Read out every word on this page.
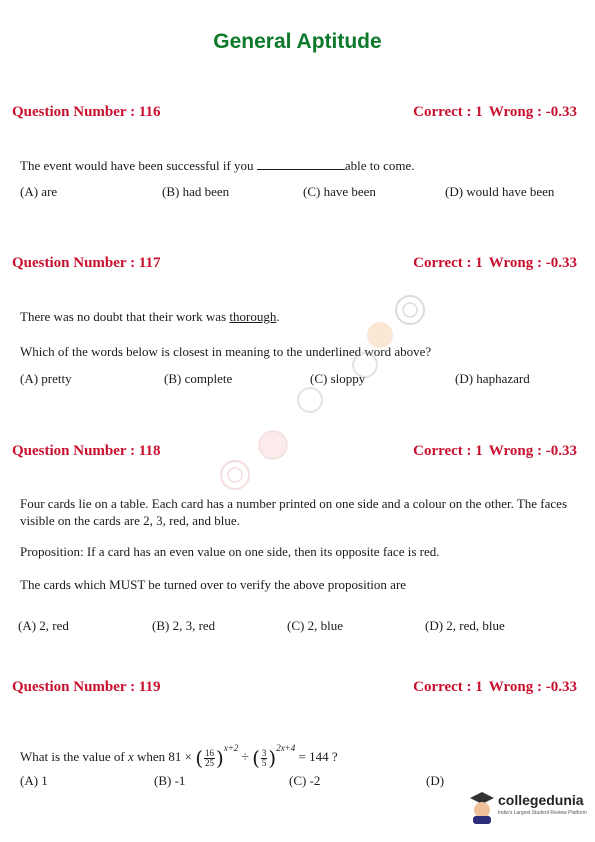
General Aptitude
Question Number : 116	Correct : 1 Wrong : -0.33
The event would have been successful if you	able to come.
(A) are	(B) had been	(C) have been	(D) would have been
Question Number : 117	Correct : 1 Wrong : -0.33
There was no doubt that their work was thorough.
Which of the words below is closest in meaning to the underlined word above?
(A) pretty	(B) complete	(C) sloppy	(D) haphazard
Question Number : 118	Correct : 1 Wrong : -0.33
Four cards lie on a table. Each card has a number printed on one side and a colour on the other. The faces visible on the cards are 2, 3, red, and blue.
Proposition: If a card has an even value on one side, then its opposite face is red.
The cards which MUST be turned over to verify the above proposition are
(A) 2, red	(B) 2, 3, red	(C) 2, blue	(D) 2, red, blue
Question Number : 119	Correct : 1 Wrong : -0.33
What is the value of x when 81 × ( $\frac{16}{25} )^{x+2}$ ÷ ( $\frac{3}{5} )^{2x+4} = 144$ ?
(A) 1	(B) -1	(C) -2	(D)
collegedunia
India's Largest Student Review Platform
